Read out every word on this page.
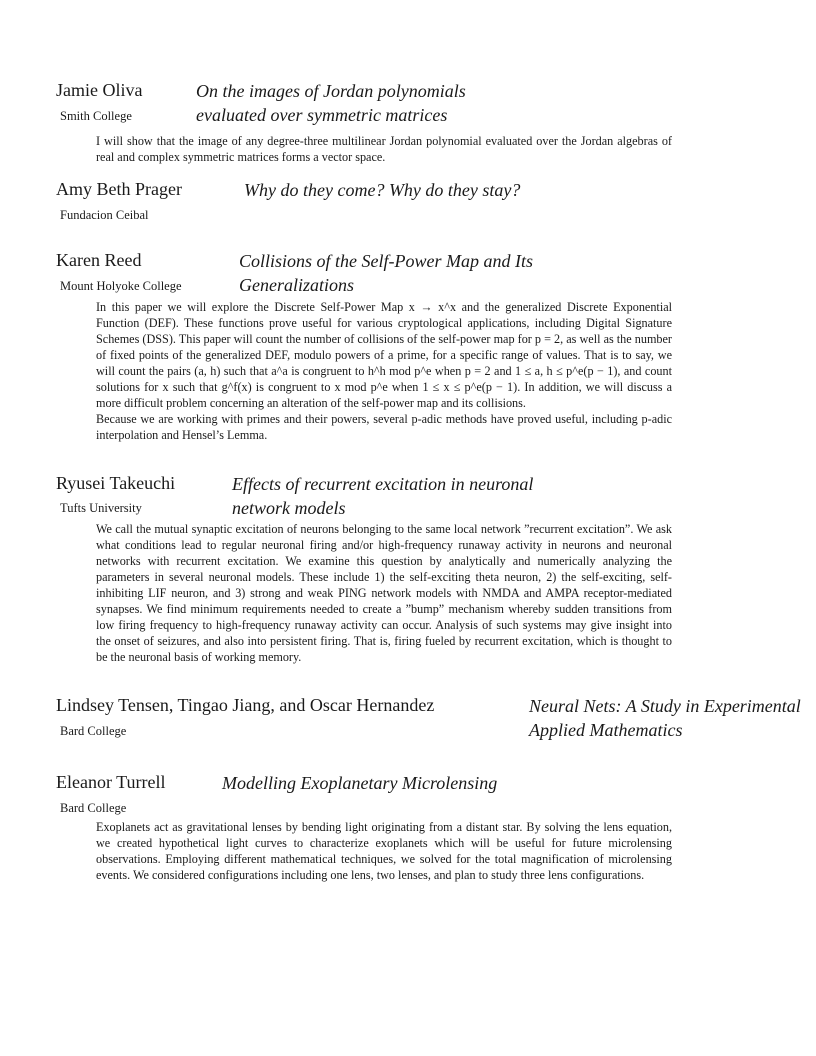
Jamie Oliva	On the images of Jordan polynomials
evaluated over symmetric matrices
Smith College

I will show that the image of any degree-three multilinear Jordan polynomial evaluated over the Jordan algebras of real and complex symmetric matrices forms a vector space.

Amy Beth Prager	Why do they come? Why do they stay?
Fundacion Ceibal
Karen Reed	Collisions of the Self-Power Map and Its
Generalizations
Mount Holyoke College

In this paper we will explore the Discrete Self-Power Map x → x^x and the generalized Discrete Exponential Function (DEF). These functions prove useful for various cryptological applications, including Digital Signature Schemes (DSS). This paper will count the number of collisions of the self-power map for p = 2, as well as the number of fixed points of the generalized DEF, modulo powers of a prime, for a specific range of values. That is to say, we will count the pairs (a, h) such that a^a is congruent to h^h mod p^e when p = 2 and 1 ≤ a, h ≤ p^e(p − 1), and count solutions for x such that g^f(x) is congruent to x mod p^e when 1 ≤ x ≤ p^e(p − 1). In addition, we will discuss a more difficult problem concerning an alteration of the self-power map and its collisions.

Because we are working with primes and their powers, several p-adic methods have proved useful, including p-adic interpolation and Hensel’s Lemma.

Ryusei Takeuchi	Effects of recurrent excitation in neuronal
network models
Tufts University

We call the mutual synaptic excitation of neurons belonging to the same local network ”recurrent excitation”. We ask what conditions lead to regular neuronal firing and/or high-frequency runaway activity in neurons and neuronal networks with recurrent excitation. We examine this question by analytically and numerically analyzing the parameters in several neuronal models. These include 1) the self-exciting theta neuron, 2) the self-exciting, self-inhibiting LIF neuron, and 3) strong and weak PING network models with NMDA and AMPA receptor-mediated synapses. We find minimum requirements needed to create a ”bump” mechanism whereby sudden transitions from low firing frequency to high-frequency runaway activity can occur. Analysis of such systems may give insight into the onset of seizures, and also into persistent firing. That is, firing fueled by recurrent excitation, which is thought to be the neuronal basis of working memory.

Lindsey Tensen, Tingao Jiang, and Oscar Hernandez	Neural Nets: A Study in Experimental
Applied Mathematics
Bard College
Eleanor Turrell	Modelling Exoplanetary Microlensing
Bard College

Exoplanets act as gravitational lenses by bending light originating from a distant star. By solving the lens equation, we created hypothetical light curves to characterize exoplanets which will be useful for future microlensing observations. Employing different mathematical techniques, we solved for the total magnification of microlensing events. We considered configurations including one lens, two lenses, and plan to study three lens configurations.
